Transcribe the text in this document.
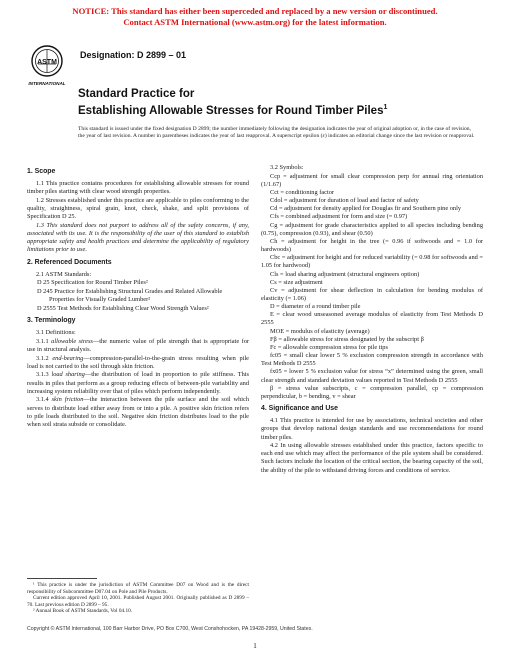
NOTICE: This standard has either been superceded and replaced by a new version or discontinued.
Contact ASTM International (www.astm.org) for the latest information.
ASTM
INTERNATIONAL
Designation: D 2899 – 01
Standard Practice for
Establishing Allowable Stresses for Round Timber Piles$^1$
This standard is issued under the fixed designation D 2899; the number immediately following the designation indicates the year of original adoption or, in the case of revision, the year of last revision. A number in parentheses indicates the year of last reapproval. A superscript epsilon (ε) indicates an editorial change since the last revision or reapproval.
1. Scope
1.1 This practice contains procedures for establishing allowable stresses for round timber piles starting with clear wood strength properties.
1.2 Stresses established under this practice are applicable to piles conforming to the quality, straightness, spiral grain, knot, check, shake, and split provisions of Specification D 25.
1.3 This standard does not purport to address all of the safety concerns, if any, associated with its use. It is the responsibility of the user of this standard to establish appropriate safety and health practices and determine the applicability of regulatory limitations prior to use.
2. Referenced Documents
2.1 ASTM Standards:
D 25 Specification for Round Timber Piles²
D 245 Practice for Establishing Structural Grades and Related Allowable Properties for Visually Graded Lumber²
D 2555 Test Methods for Establishing Clear Wood Strength Values²
3. Terminology
3.1 Definitions:
3.1.1 allowable stress—the numeric value of pile strength that is appropriate for use in structural analysis.
3.1.2 end-bearing—compression-parallel-to-the-grain stress resulting when pile load is not carried to the soil through skin friction.
3.1.3 load sharing—the distribution of load in proportion to pile stiffness. This results in piles that perform as a group reducing effects of between-pile variability and increasing system reliability over that of piles which perform independently.
3.1.4 skin friction—the interaction between the pile surface and the soil which serves to distribute load either away from or into a pile. A positive skin friction refers to pile loads distributed to the soil. Negative skin friction distributes load to the pile when soil strata subside or consolidate.
¹ This practice is under the jurisdiction of ASTM Committee D07 on Wood and is the direct responsibility of Subcommittee D07.04 on Pole and Pile Products.
Current edition approved April 10, 2001. Published August 2001. Originally published as D 2899 – 70. Last previous edition D 2899 – 95.
² Annual Book of ASTM Standards, Vol 04.10.
3.2 Symbols:
Ccp = adjustment for small clear compression perp for annual ring orientation (1/1.67)
Cct = conditioning factor
Cdol = adjustment for duration of load and factor of safety
Cd = adjustment for density applied for Douglas fir and Southern pine only
Cfs = combined adjustment for form and size (= 0.97)
Cg = adjustment for grade characteristics applied to all species including bending (0.75), compression (0.93), and shear (0.50)
Ch = adjustment for height in the tree (= 0.96 if softwoods and = 1.0 for hardwoods)
Cbc = adjustment for height and for reduced variability (= 0.98 for softwoods and = 1.05 for hardwood)
Cls = load sharing adjustment (structural engineers option)
Cs = size adjustment
Cv = adjustment for shear deflection in calculation for bending modulus of elasticity (= 1.06)
D = diameter of a round timber pile
E = clear wood unseasoned average modulus of elasticity from Test Methods D 2555
MOE = modulus of elasticity (average)
Fβ = allowable stress for stress designated by the subscript β
Fc = allowable compression stress for pile tips
fc05 = small clear lower 5 % exclusion compression strength in accordance with Test Methods D 2555
fx05 = lower 5 % exclusion value for stress “x” determined using the green, small clear strength and standard deviation values reported in Test Methods D 2555
β = stress value subscripts, c = compression parallel, cp = compression perpendicular, b = bending, v = shear
4. Significance and Use
4.1 This practice is intended for use by associations, technical societies and other groups that develop national design standards and use recommendations for round timber piles.
4.2 In using allowable stresses established under this practice, factors specific to each end use which may affect the performance of the pile system shall be considered. Such factors include the location of the critical section, the bearing capacity of the soil, the ability of the pile to withstand driving forces and conditions of service.
Copyright © ASTM International, 100 Barr Harbor Drive, PO Box C700, West Conshohocken, PA 19428-2959, United States.
1
